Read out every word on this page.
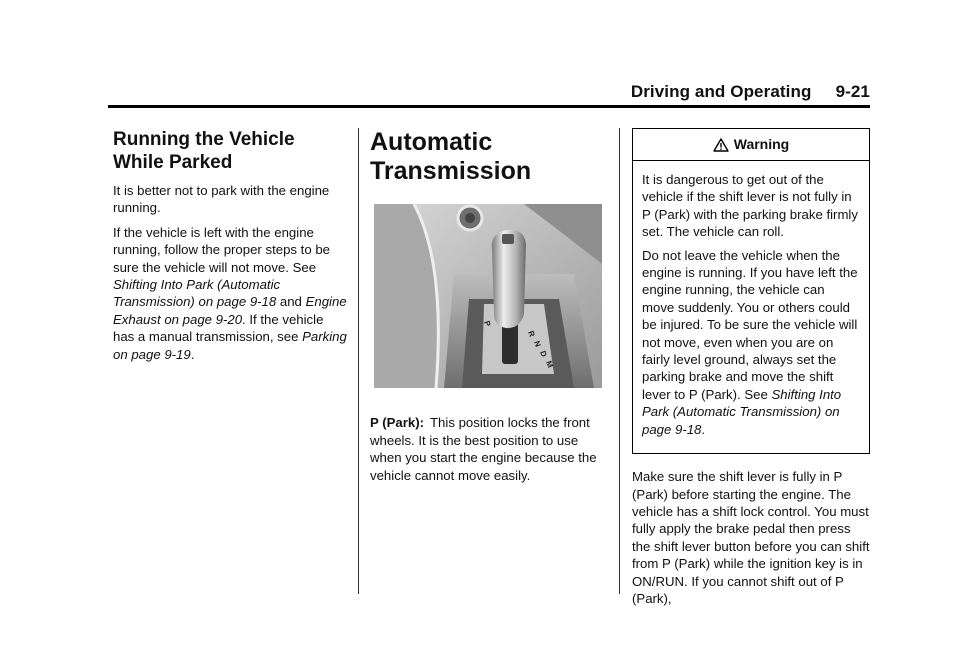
Driving and Operating 9-21
Running the Vehicle
While Parked

It is better not to park with the engine running.

If the vehicle is left with the engine running, follow the proper steps to be sure the vehicle will not move. See Shifting Into Park (Automatic Transmission) on page 9-18 and Engine Exhaust on page 9-20. If the vehicle has a manual transmission, see Parking on page 9-19.

Automatic
Transmission
P
R
N
D
M

P (Park): This position locks the front wheels. It is the best position to use when you start the engine because the vehicle cannot move easily.

Warning

It is dangerous to get out of the vehicle if the shift lever is not fully in P (Park) with the parking brake firmly set. The vehicle can roll.

Do not leave the vehicle when the engine is running. If you have left the engine running, the vehicle can move suddenly. You or others could be injured. To be sure the vehicle will not move, even when you are on fairly level ground, always set the parking brake and move the shift lever to P (Park). See Shifting Into Park (Automatic Transmission) on page 9-18.

Make sure the shift lever is fully in P (Park) before starting the engine. The vehicle has a shift lock control. You must fully apply the brake pedal then press the shift lever button before you can shift from P (Park) while the ignition key is in ON/RUN. If you cannot shift out of P (Park),
